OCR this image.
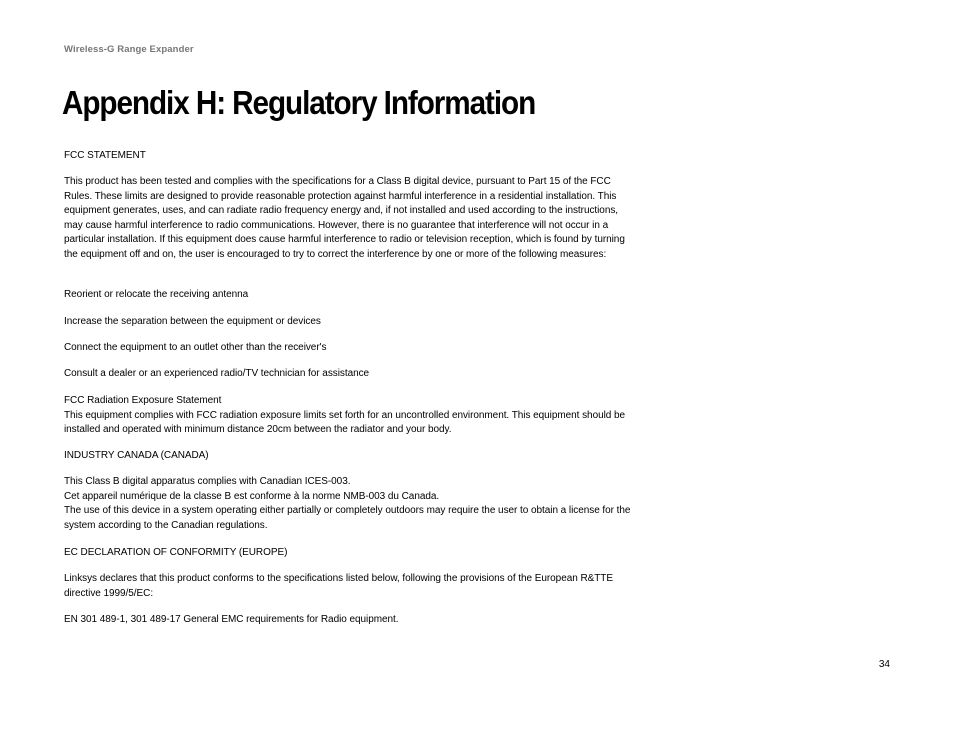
Wireless-G Range Expander
Appendix H: Regulatory Information

FCC STATEMENT

This product has been tested and complies with the specifications for a Class B digital device, pursuant to Part 15 of the FCC Rules. These limits are designed to provide reasonable protection against harmful interference in a residential installation. This equipment generates, uses, and can radiate radio frequency energy and, if not installed and used according to the instructions, may cause harmful interference to radio communications. However, there is no guarantee that interference will not occur in a particular installation. If this equipment does cause harmful interference to radio or television reception, which is found by turning the equipment off and on, the user is encouraged to try to correct the interference by one or more of the following measures:

Reorient or relocate the receiving antenna

Increase the separation between the equipment or devices

Connect the equipment to an outlet other than the receiver's

Consult a dealer or an experienced radio/TV technician for assistance

FCC Radiation Exposure Statement

This equipment complies with FCC radiation exposure limits set forth for an uncontrolled environment. This equipment should be installed and operated with minimum distance 20cm between the radiator and your body.

INDUSTRY CANADA (CANADA)

This Class B digital apparatus complies with Canadian ICES-003.

Cet appareil numérique de la classe B est conforme à la norme NMB-003 du Canada.

The use of this device in a system operating either partially or completely outdoors may require the user to obtain a license for the system according to the Canadian regulations.

EC DECLARATION OF CONFORMITY (EUROPE)

Linksys declares that this product conforms to the specifications listed below, following the provisions of the European R&TTE directive 1999/5/EC:

EN 301 489-1, 301 489-17 General EMC requirements for Radio equipment.

34
